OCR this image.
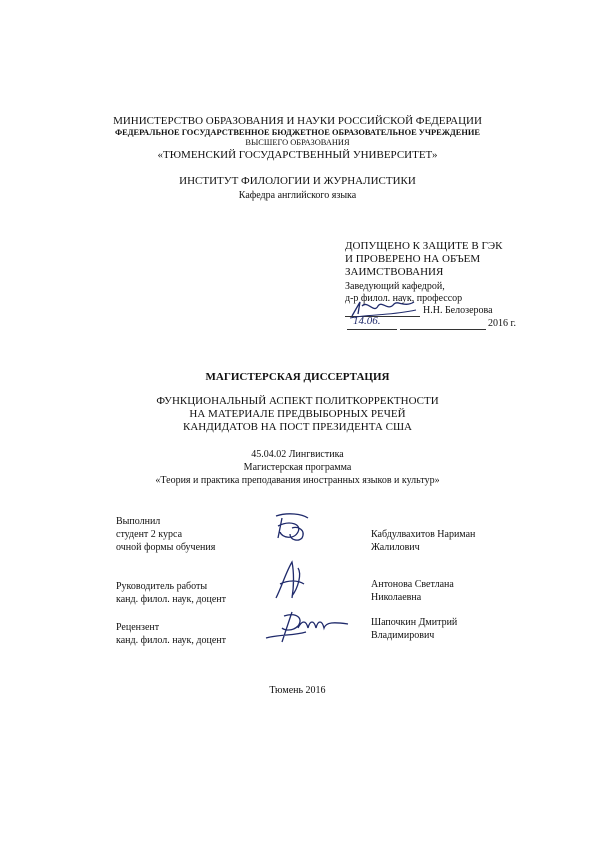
МИНИСТЕРСТВО ОБРАЗОВАНИЯ И НАУКИ РОССИЙСКОЙ ФЕДЕРАЦИИ
ФЕДЕРАЛЬНОЕ ГОСУДАРСТВЕННОЕ БЮДЖЕТНОЕ ОБРАЗОВАТЕЛЬНОЕ УЧРЕЖДЕНИЕ
ВЫСШЕГО ОБРАЗОВАНИЯ
«ТЮМЕНСКИЙ ГОСУДАРСТВЕННЫЙ УНИВЕРСИТЕТ»
ИНСТИТУТ ФИЛОЛОГИИ И ЖУРНАЛИСТИКИ
Кафедра английского языка
ДОПУЩЕНО К ЗАЩИТЕ В ГЭК
И ПРОВЕРЕНО НА ОБЪЕМ
ЗАИМСТВОВАНИЯ
Заведующий кафедрой,
д-р филол. наук, профессор
Н.Н. Белозерова
14.06.	2016 г.
МАГИСТЕРСКАЯ ДИССЕРТАЦИЯ
ФУНКЦИОНАЛЬНЫЙ АСПЕКТ ПОЛИТКОРРЕКТНОСТИ
НА МАТЕРИАЛЕ ПРЕДВЫБОРНЫХ РЕЧЕЙ
КАНДИДАТОВ НА ПОСТ ПРЕЗИДЕНТА США
45.04.02 Лингвистика
Магистерская программа
«Теория и практика преподавания иностранных языков и культур»
Выполнил
студент 2 курса
очной формы обучения
Кабдулвахитов Нариман
Жалилович
Руководитель работы
канд. филол. наук, доцент
Антонова Светлана
Николаевна
Рецензент
канд. филол. наук, доцент
Шапочкин Дмитрий
Владимирович
Тюмень 2016
